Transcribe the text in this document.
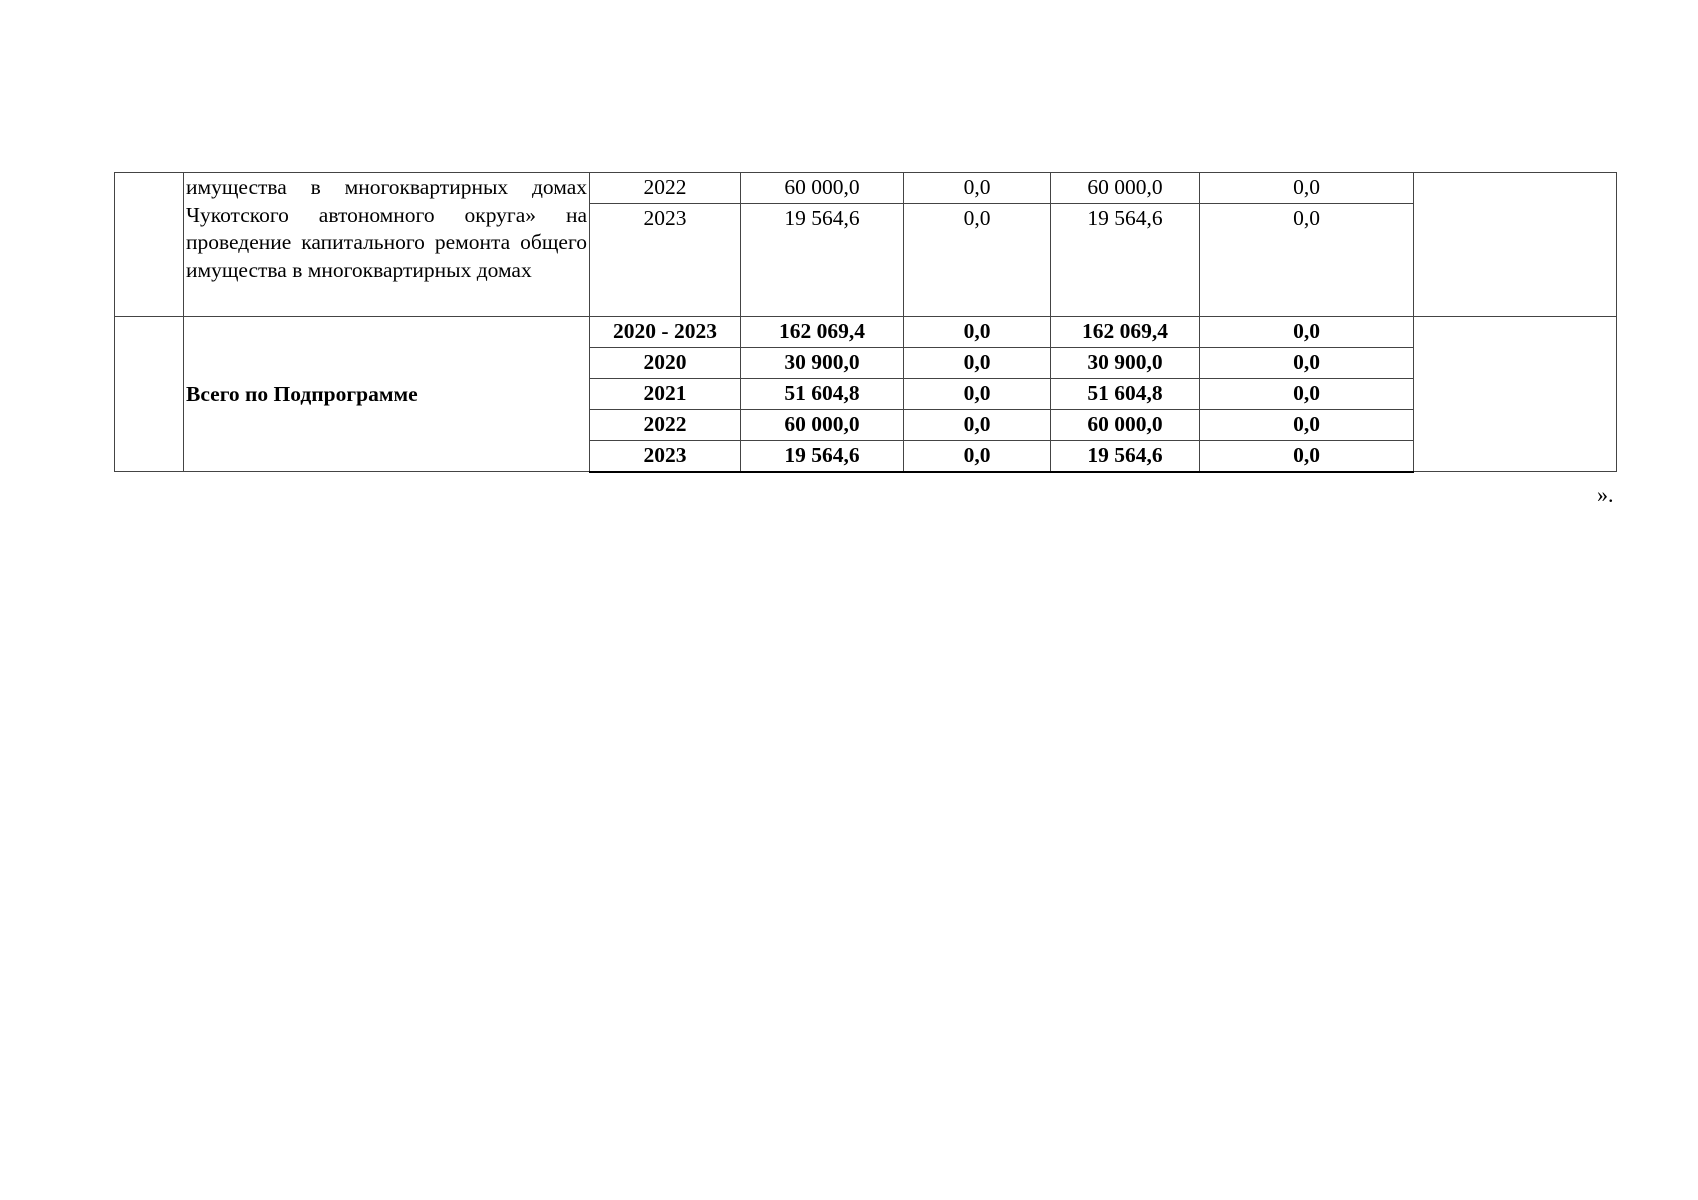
	имущества в многоквартирных домах Чукотского автономного округа» на проведение капитального ремонта общего имущества в многоквартирных домах	2022	60 000,0	0,0	60 000,0	0,0	
		2023	19 564,6	0,0	19 564,6	0,0	
	Всего по Подпрограмме	2020 - 2023	162 069,4	0,0	162 069,4	0,0	
		2020	30 900,0	0,0	30 900,0	0,0	
		2021	51 604,8	0,0	51 604,8	0,0	
		2022	60 000,0	0,0	60 000,0	0,0	
		2023	19 564,6	0,0	19 564,6	0,0	
».
